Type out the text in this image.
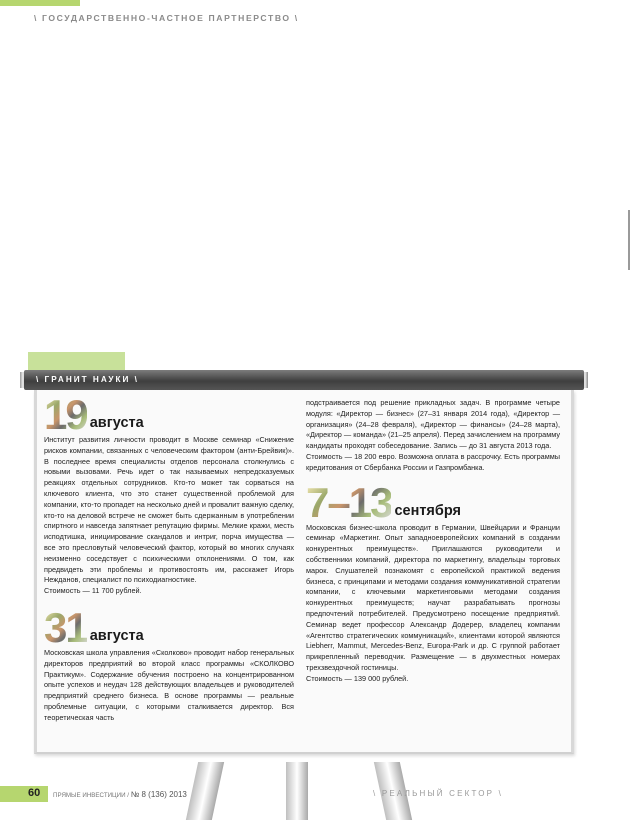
\ ГОСУДАРСТВЕННО-ЧАСТНОЕ ПАРТНЕРСТВО \
\ ГРАНИТ НАУКИ \
19 августа

Институт развития личности проводит в Москве семинар «Снижение рисков компании, связанных с человеческим фактором (анти-Брейвик)». В последнее время специалисты отделов персонала столкнулись с новыми вызовами. Речь идет о так называемых непредсказуемых реакциях отдельных сотрудников. Кто-то может так сорваться на ключевого клиента, что это станет существенной проблемой для компании, кто-то пропадет на несколько дней и провалит важную сделку, кто-то на деловой встрече не сможет быть сдержанным в употреблении спиртного и навсегда запятнает репутацию фирмы. Мелкие кражи, месть исподтишка, инициирование скандалов и интриг, порча имущества — все это пресловутый человеческий фактор, который во многих случаях неизменно соседствует с психическими отклонениями. О том, как предвидеть эти проблемы и противостоять им, расскажет Игорь Нежданов, специалист по психодиагностике.

Стоимость — 11 700 рублей.

31 августа

Московская школа управления «Сколково» проводит набор генеральных директоров предприятий во второй класс программы «СКОЛКОВО Практикум». Содержание обучения построено на концентрированном опыте успехов и неудач 128 действующих владельцев и руководителей предприятий среднего бизнеса. В основе программы — реальные проблемные ситуации, с которыми сталкивается директор. Вся теоретическая часть

подстраивается под решение прикладных задач. В программе четыре модуля: «Директор — бизнес» (27–31 января 2014 года), «Директор — организация» (24–28 февраля), «Директор — финансы» (24–28 марта), «Директор — команда» (21–25 апреля). Перед зачислением на программу кандидаты проходят собеседование. Запись — до 31 августа 2013 года.

Стоимость — 18 200 евро. Возможна оплата в рассрочку. Есть программы кредитования от Сбербанка России и Газпромбанка.

7–13 сентября

Московская бизнес-школа проводит в Германии, Швейцарии и Франции семинар «Маркетинг. Опыт западноевропейских компаний в создании конкурентных преимуществ». Приглашаются руководители и собственники компаний, директора по маркетингу, владельцы торговых марок. Слушателей познакомят с европейской практикой ведения бизнеса, с принципами и методами создания коммуникативной стратегии компании, с ключевыми маркетинговыми методами создания конкурентных преимуществ; научат разрабатывать прогнозы предпочтений потребителей. Предусмотрено посещение предприятий. Семинар ведет профессор Александр Додерер, владелец компании «Агентство стратегических коммуникаций», клиентами которой являются Liebherr, Mammut, Mercedes-Benz, Europa-Park и др. С группой работает прикрепленный переводчик. Размещение — в двухместных номерах трехзвездочной гостиницы.

Стоимость — 139 000 рублей.

60 ПРЯМЫЕ ИНВЕСТИЦИИ / № 8 (136) 2013	\ РЕАЛЬНЫЙ СЕКТОР \
